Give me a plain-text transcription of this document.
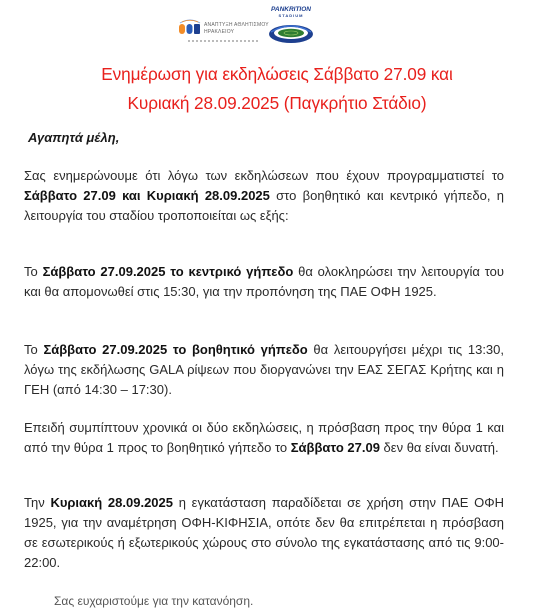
ΑΝΑΠΤΥΞΗ ΑΘΛΗΤΙΣΜΟΥ
ΗΡΑΚΛΕΙΟΥ
PANKRITION
STADIUM
Ενημέρωση για εκδηλώσεις Σάββατο 27.09 και
Κυριακή 28.09.2025 (Παγκρήτιο Στάδιο)
Αγαπητά μέλη,
Σας ενημερώνουμε ότι λόγω των εκδηλώσεων που έχουν προγραμματιστεί το Σάββατο 27.09 και Κυριακή 28.09.2025 στο βοηθητικό και κεντρικό γήπεδο, η λειτουργία του σταδίου τροποποιείται ως εξής:
Το Σάββατο 27.09.2025 το κεντρικό γήπεδο θα ολοκληρώσει την λειτουργία του και θα απομονωθεί στις 15:30, για την προπόνηση της ΠΑΕ ΟΦΗ 1925.
Το Σάββατο 27.09.2025 το βοηθητικό γήπεδο θα λειτουργήσει μέχρι τις 13:30, λόγω της εκδήλωσης GALA ρίψεων που διοργανώνει την ΕΑΣ ΣΕΓΑΣ Κρήτης και η ΓΕΗ (από 14:30 – 17:30).
Επειδή συμπίπτουν χρονικά οι δύο εκδηλώσεις, η πρόσβαση προς την θύρα 1 και από την θύρα 1 προς το βοηθητικό γήπεδο το Σάββατο 27.09 δεν θα είναι δυνατή.
Την Κυριακή 28.09.2025 η εγκατάσταση παραδίδεται σε χρήση στην ΠΑΕ ΟΦΗ 1925, για την αναμέτρηση ΟΦΗ-ΚΙΦΗΣΙΑ, οπότε δεν θα επιτρέπεται η πρόσβαση σε εσωτερικούς ή εξωτερικούς χώρους στο σύνολο της εγκατάστασης από τις 9:00-22:00.
Σας ευχαριστούμε για την κατανόηση.
